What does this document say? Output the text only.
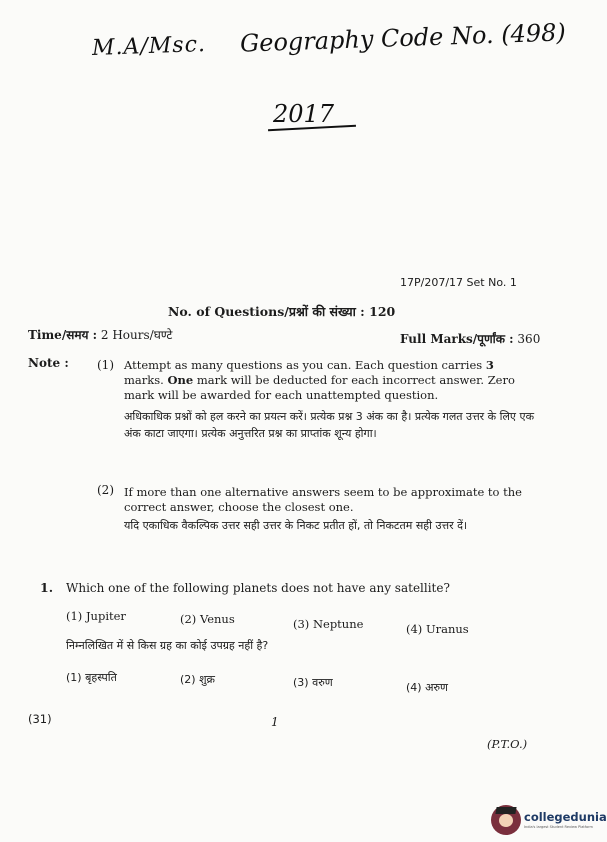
M.A/Msc. Geography Code No. (498)
2017
17P/207/17 Set No. 1
No. of Questions/प्रश्नों की संख्या : 120
Time/समय : 2 Hours/घण्टे	Full Marks/पूर्णांक : 360
Note : (1) Attempt as many questions as you can. Each question carries 3 marks. One mark will be deducted for each incorrect answer. Zero mark will be awarded for each unattempted question.
अधिकाधिक प्रश्नों को हल करने का प्रयत्न करें। प्रत्येक प्रश्न 3 अंक का है। प्रत्येक गलत उत्तर के लिए एक अंक काटा जाएगा। प्रत्येक अनुत्तरित प्रश्न का प्राप्तांक शून्य होगा।
(2) If more than one alternative answers seem to be approximate to the correct answer, choose the closest one.
यदि एकाधिक वैकल्पिक उत्तर सही उत्तर के निकट प्रतीत हों, तो निकटतम सही उत्तर दें।
1. Which one of the following planets does not have any satellite?
(1) Jupiter	(2) Venus	(3) Neptune	(4) Uranus
निम्नलिखित में से किस ग्रह का कोई उपग्रह नहीं है?
(1) बृहस्पति	(2) शुक्र	(3) वरुण	(4) अरुण
(31)	1
(P.T.O.)
collegedunia
India's largest Student Review Platform
